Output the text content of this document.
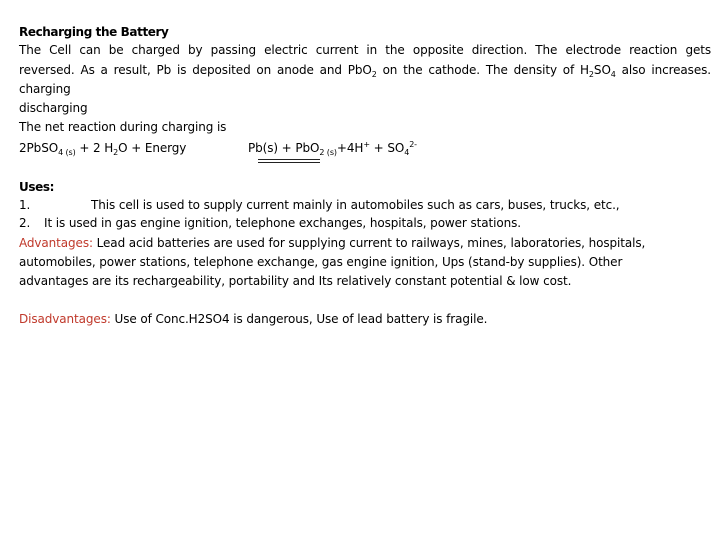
Recharging the Battery
The Cell can be charged by passing electric current in the opposite direction. The electrode reaction gets
reversed. As a result, Pb is deposited on anode and PbO$_2$ on the cathode. The density of $H_2SO_4$ also increases.
charging
discharging
The net reaction during charging is
2PbSO$_{4 (s)}$ + 2 $H_2O$ + Energy	$Pb(s) + PbO_{2 (s)}+4H^+ + SO_4^{2-}$
Uses:
1.	This cell is used to supply current mainly in automobiles such as cars, buses, trucks, etc.,
2. It is used in gas engine ignition, telephone exchanges, hospitals, power stations.
Advantages: Lead acid batteries are used for supplying current to railways, mines, laboratories, hospitals,
automobiles, power stations, telephone exchange, gas engine ignition, Ups (stand-by supplies). Other
advantages are its rechargeability, portability and Its relatively constant potential & low cost.
Disadvantages: Use of Conc.H2SO4 is dangerous, Use of lead battery is fragile.
